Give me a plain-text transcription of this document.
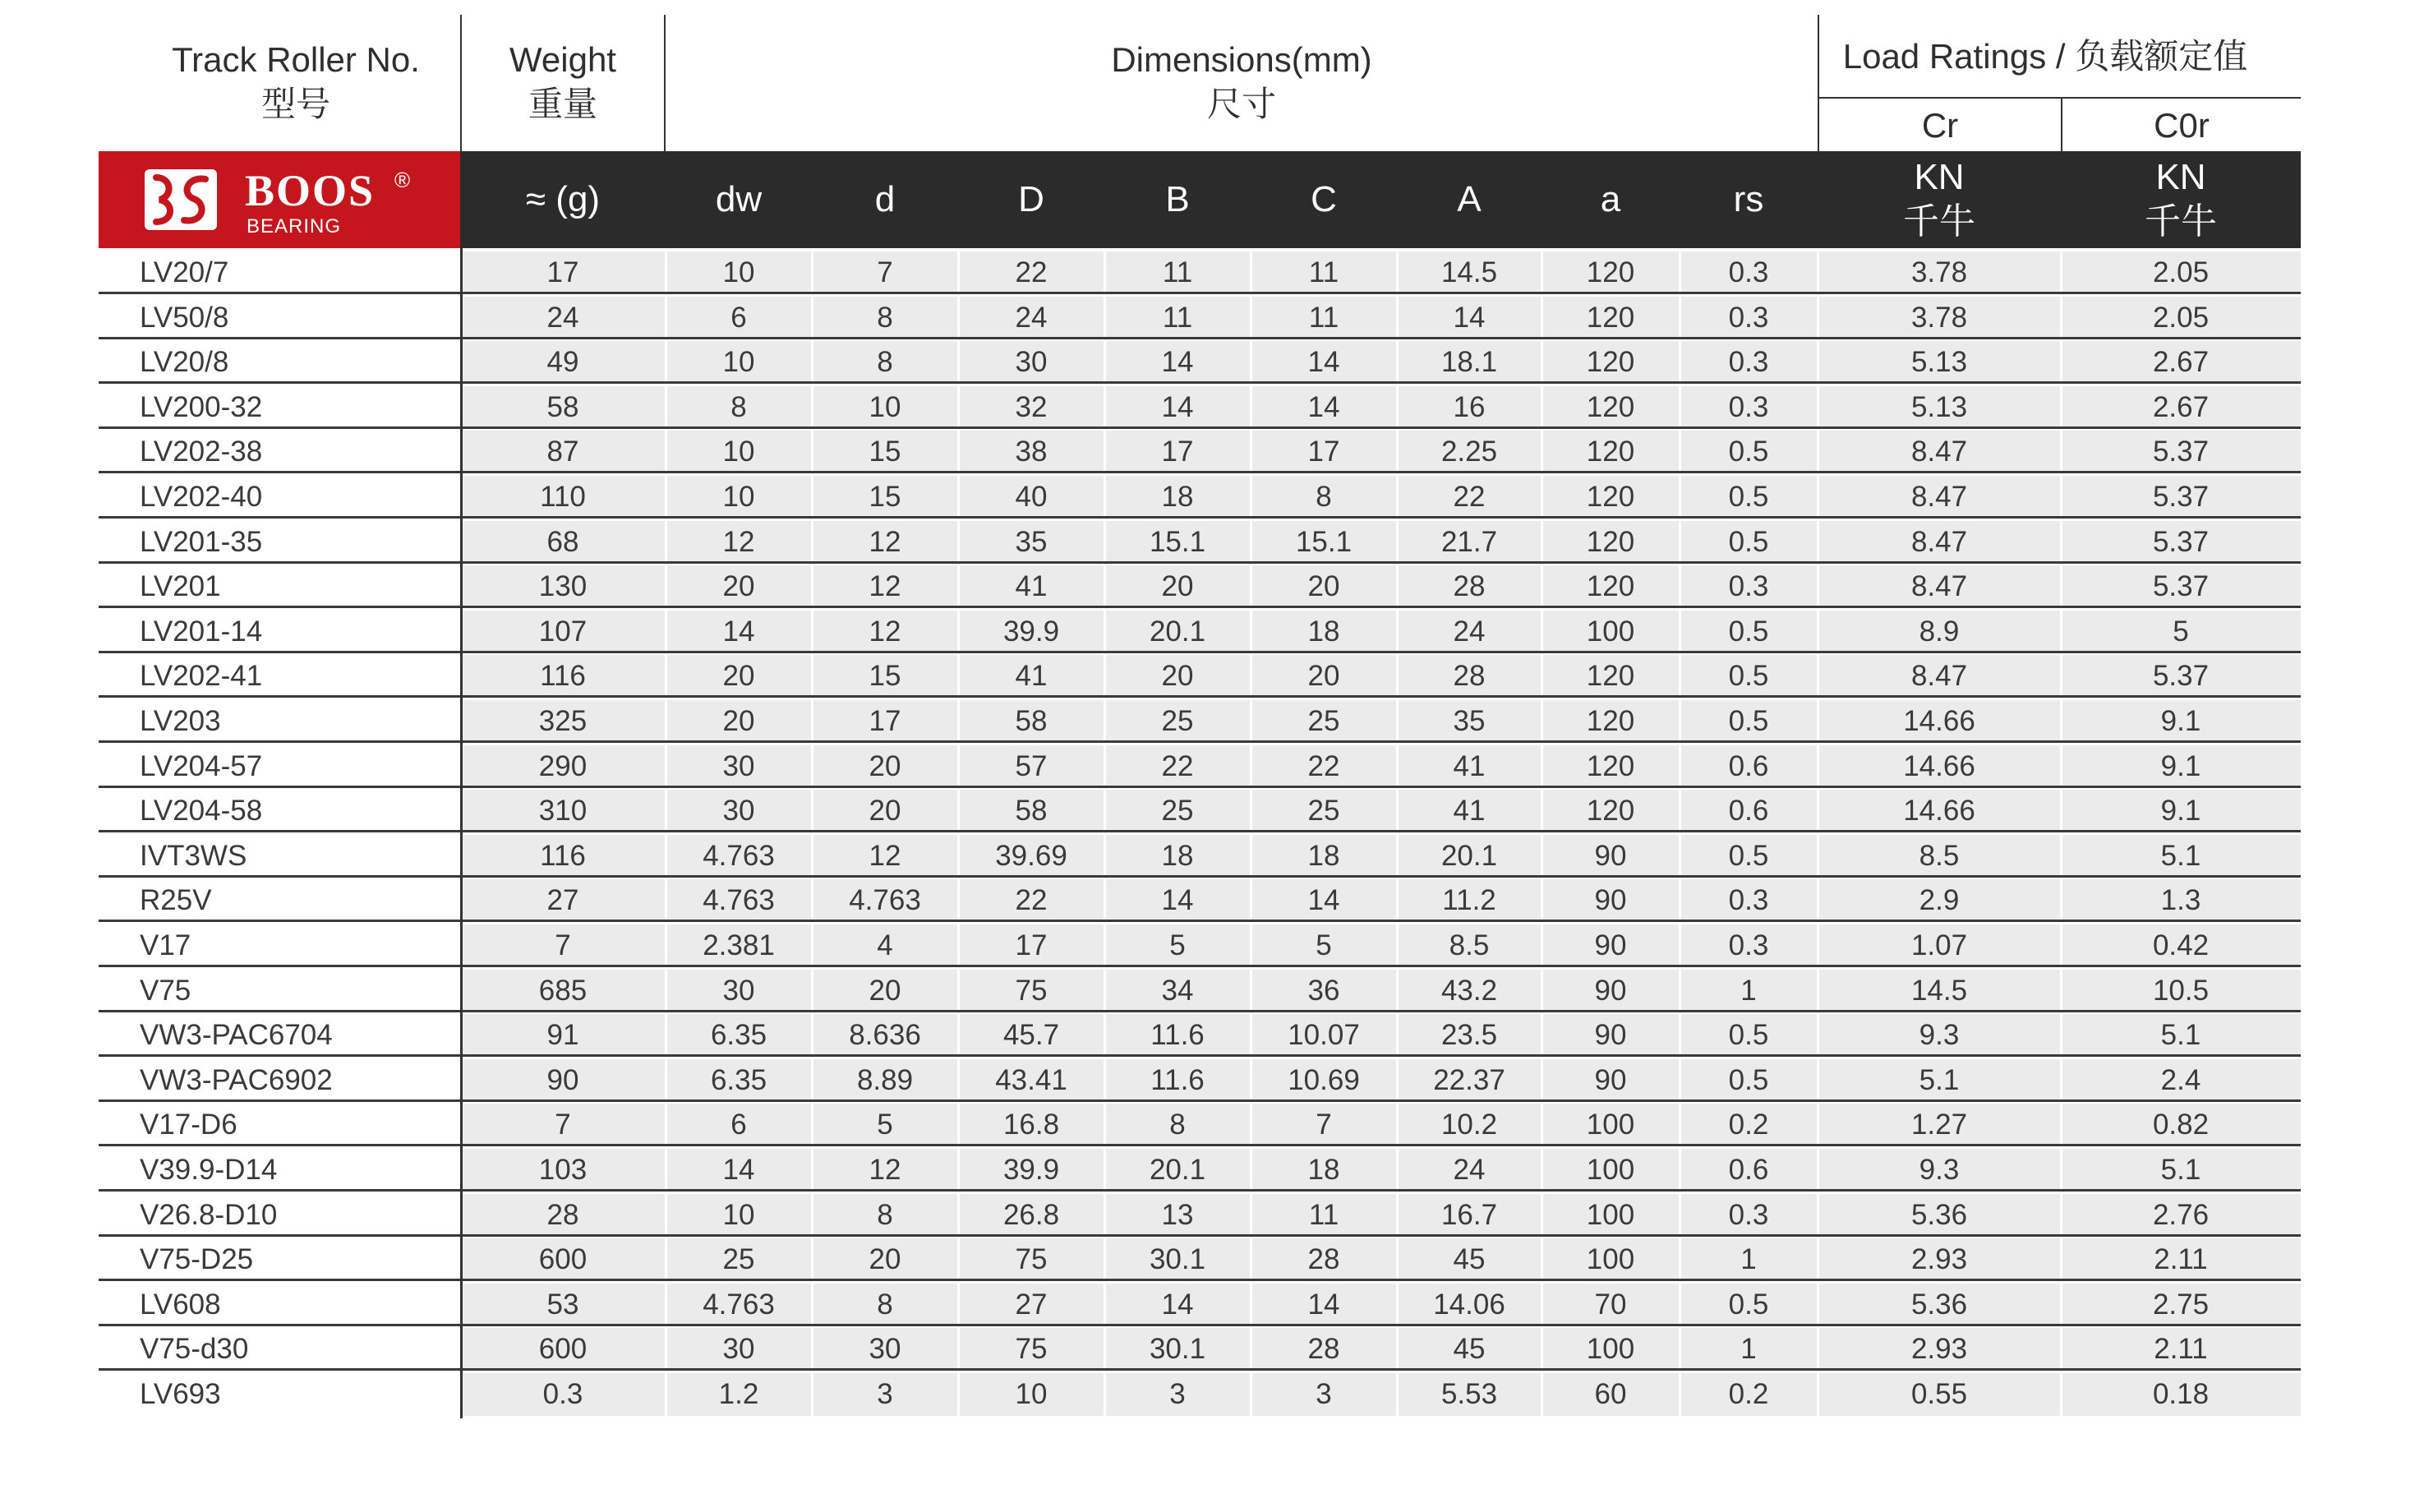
Track Roller No.
型号
Weight
重量
Dimensions(mm)
尺寸
Load Ratings / 负载额定值
Cr	C0r
BOOS ®
BEARING
≈ (g)	dw	d	D	B	C	A	a	rs
KN
千牛
KN
千牛
LV20/7	17	10	7	22	11	11	14.5	120	0.3	3.78	2.05
LV50/8	24	6	8	24	11	11	14	120	0.3	3.78	2.05
LV20/8	49	10	8	30	14	14	18.1	120	0.3	5.13	2.67
LV200-32	58	8	10	32	14	14	16	120	0.3	5.13	2.67
LV202-38	87	10	15	38	17	17	2.25	120	0.5	8.47	5.37
LV202-40	110	10	15	40	18	8	22	120	0.5	8.47	5.37
LV201-35	68	12	12	35	15.1	15.1	21.7	120	0.5	8.47	5.37
LV201	130	20	12	41	20	20	28	120	0.3	8.47	5.37
LV201-14	107	14	12	39.9	20.1	18	24	100	0.5	8.9	5
LV202-41	116	20	15	41	20	20	28	120	0.5	8.47	5.37
LV203	325	20	17	58	25	25	35	120	0.5	14.66	9.1
LV204-57	290	30	20	57	22	22	41	120	0.6	14.66	9.1
LV204-58	310	30	20	58	25	25	41	120	0.6	14.66	9.1
IVT3WS	116	4.763	12	39.69	18	18	20.1	90	0.5	8.5	5.1
R25V	27	4.763	4.763	22	14	14	11.2	90	0.3	2.9	1.3
V17	7	2.381	4	17	5	5	8.5	90	0.3	1.07	0.42
V75	685	30	20	75	34	36	43.2	90	1	14.5	10.5
VW3-PAC6704	91	6.35	8.636	45.7	11.6	10.07	23.5	90	0.5	9.3	5.1
VW3-PAC6902	90	6.35	8.89	43.41	11.6	10.69	22.37	90	0.5	5.1	2.4
V17-D6	7	6	5	16.8	8	7	10.2	100	0.2	1.27	0.82
V39.9-D14	103	14	12	39.9	20.1	18	24	100	0.6	9.3	5.1
V26.8-D10	28	10	8	26.8	13	11	16.7	100	0.3	5.36	2.76
V75-D25	600	25	20	75	30.1	28	45	100	1	2.93	2.11
LV608	53	4.763	8	27	14	14	14.06	70	0.5	5.36	2.75
V75-d30	600	30	30	75	30.1	28	45	100	1	2.93	2.11
LV693	0.3	1.2	3	10	3	3	5.53	60	0.2	0.55	0.18
